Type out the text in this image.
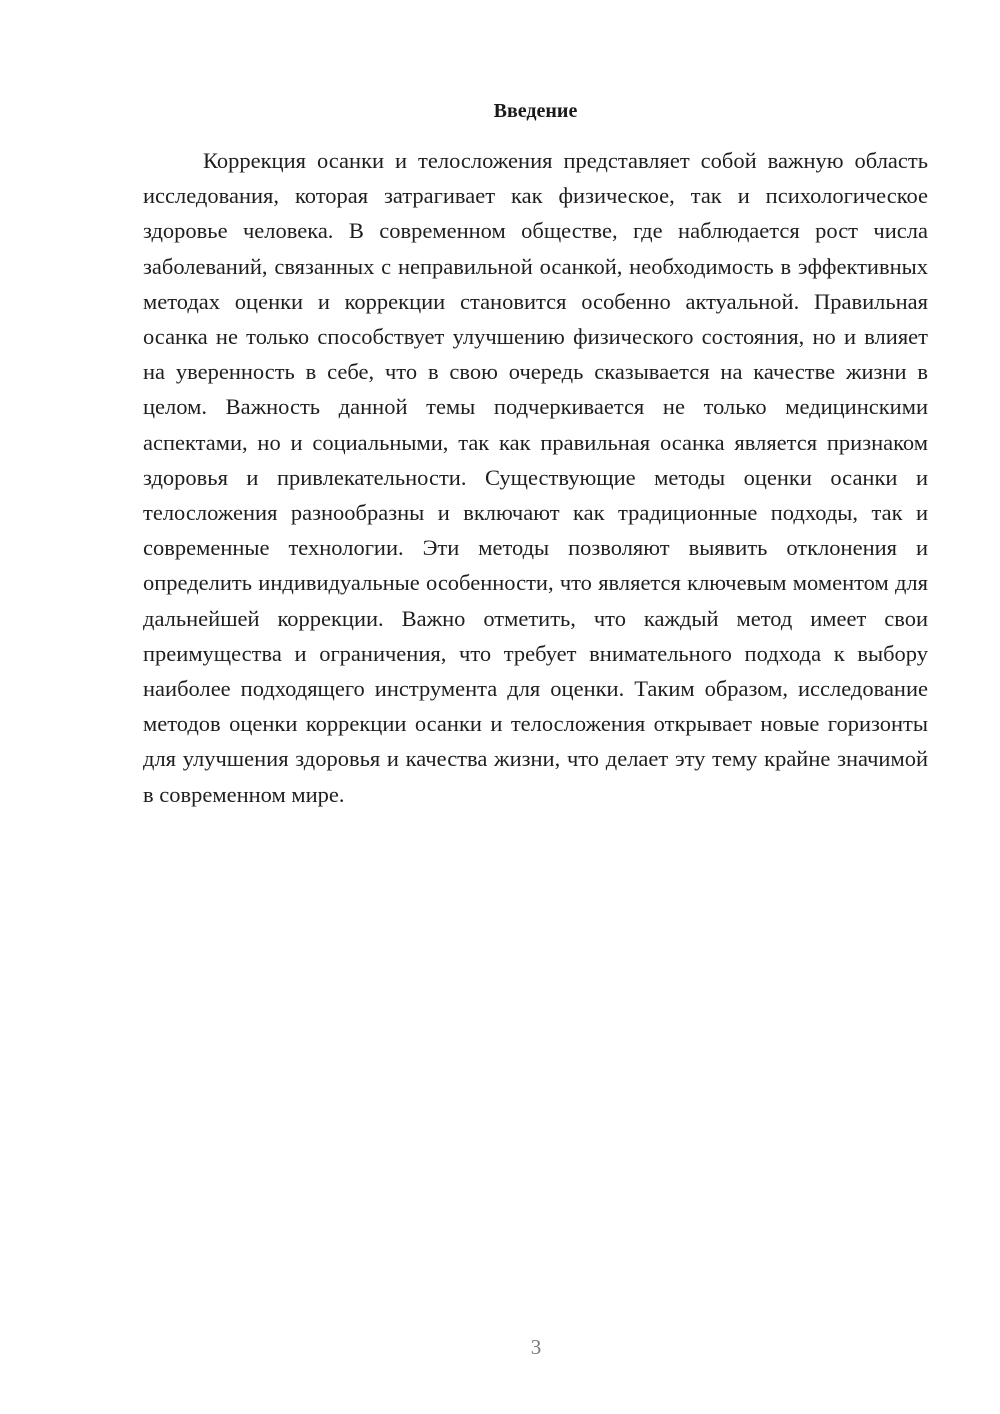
Введение

Коррекция осанки и телосложения представляет собой важную область исследования, которая затрагивает как физическое, так и психологическое здоровье человека. В современном обществе, где наблюдается рост числа заболеваний, связанных с неправильной осанкой, необходимость в эффективных методах оценки и коррекции становится особенно актуальной. Правильная осанка не только способствует улучшению физического состояния, но и влияет на уверенность в себе, что в свою очередь сказывается на качестве жизни в целом. Важность данной темы подчеркивается не только медицинскими аспектами, но и социальными, так как правильная осанка является признаком здоровья и привлекательности. Существующие методы оценки осанки и телосложения разнообразны и включают как традиционные подходы, так и современные технологии. Эти методы позволяют выявить отклонения и определить индивидуальные особенности, что является ключевым моментом для дальнейшей коррекции. Важно отметить, что каждый метод имеет свои преимущества и ограничения, что требует внимательного подхода к выбору наиболее подходящего инструмента для оценки. Таким образом, исследование методов оценки коррекции осанки и телосложения открывает новые горизонты для улучшения здоровья и качества жизни, что делает эту тему крайне значимой в современном мире.

3
